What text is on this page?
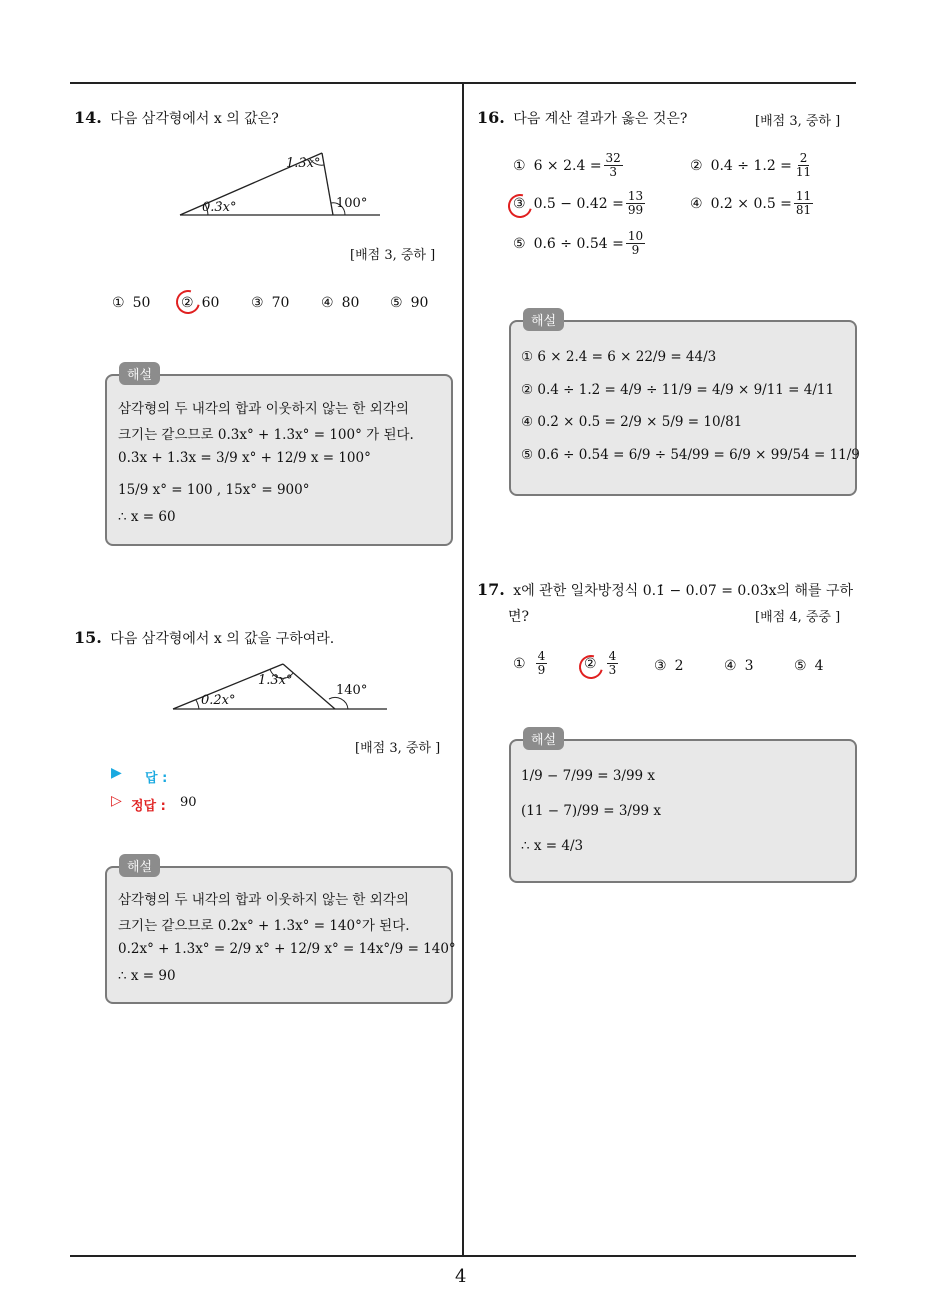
4
14. 다음 삼각형에서 x 의 값은?
1.3̇x°
0.3̇x°	100°
[배점 3, 중하 ]
① 50 ② 60 ③ 70 ④ 80 ⑤ 90
해설
삼각형의 두 내각의 합과 이웃하지 않는 한 외각의
크기는 같으므로 0.3̇x° + 1.3̇x° = 100° 가 된다.
0.3̇x + 1.3̇x = 3/9 x° + 12/9 x = 100°
15/9 x° = 100 , 15x° = 900°
∴ x = 60
15. 다음 삼각형에서 x 의 값을 구하여라.
1.3̇x°
0.2̇x°
140°
[배점 3, 중하 ]
▶ 답 :
▷ 정답 : 90
해설
삼각형의 두 내각의 합과 이웃하지 않는 한 외각의
크기는 같으므로 0.2̇x° + 1.3̇x° = 140°가 된다.
0.2̇x° + 1.3̇x° = 2/9 x° + 12/9 x° = 14x°/9 = 140°
∴ x = 90
16. 다음 계산 결과가 옳은 것은?	[배점 3, 중하 ]
① 6 × 2.4̇ = $\frac{32}{3}$	② 0.4̇ ÷ 1.2̇ = $\frac{2}{11}$
③ 0.5̇ − 0.4̇2̇ = $\frac{13}{99}$	④ 0.2̇ × 0.5̇ = $\frac{11}{81}$
⑤ 0.6̇ ÷ 0.5̇4̇ = $\frac{10}{9}$
해설
① 6 × 2.4̇ = 6 × 22/9 = 44/3
② 0.4̇ ÷ 1.2̇ = 4/9 ÷ 11/9 = 4/9 × 9/11 = 4/11
④ 0.2̇ × 0.5̇ = 2/9 × 5/9 = 10/81
⑤ 0.6̇ ÷ 0.5̇4̇ = 6/9 ÷ 54/99 = 6/9 × 99/54 = 11/9
17. x에 관한 일차방정식 0.1̇ − 0.07̇ = 0.03̇x의 해를 구하
면?	[배점 4, 중중 ]
① $\frac{4}{9}$	② $\frac{4}{3}$	③ 2	④ 3	⑤ 4
해설
1/9 − 7/99 = 3/99 x
(11 − 7)/99 = 3/99 x
∴ x = 4/3
